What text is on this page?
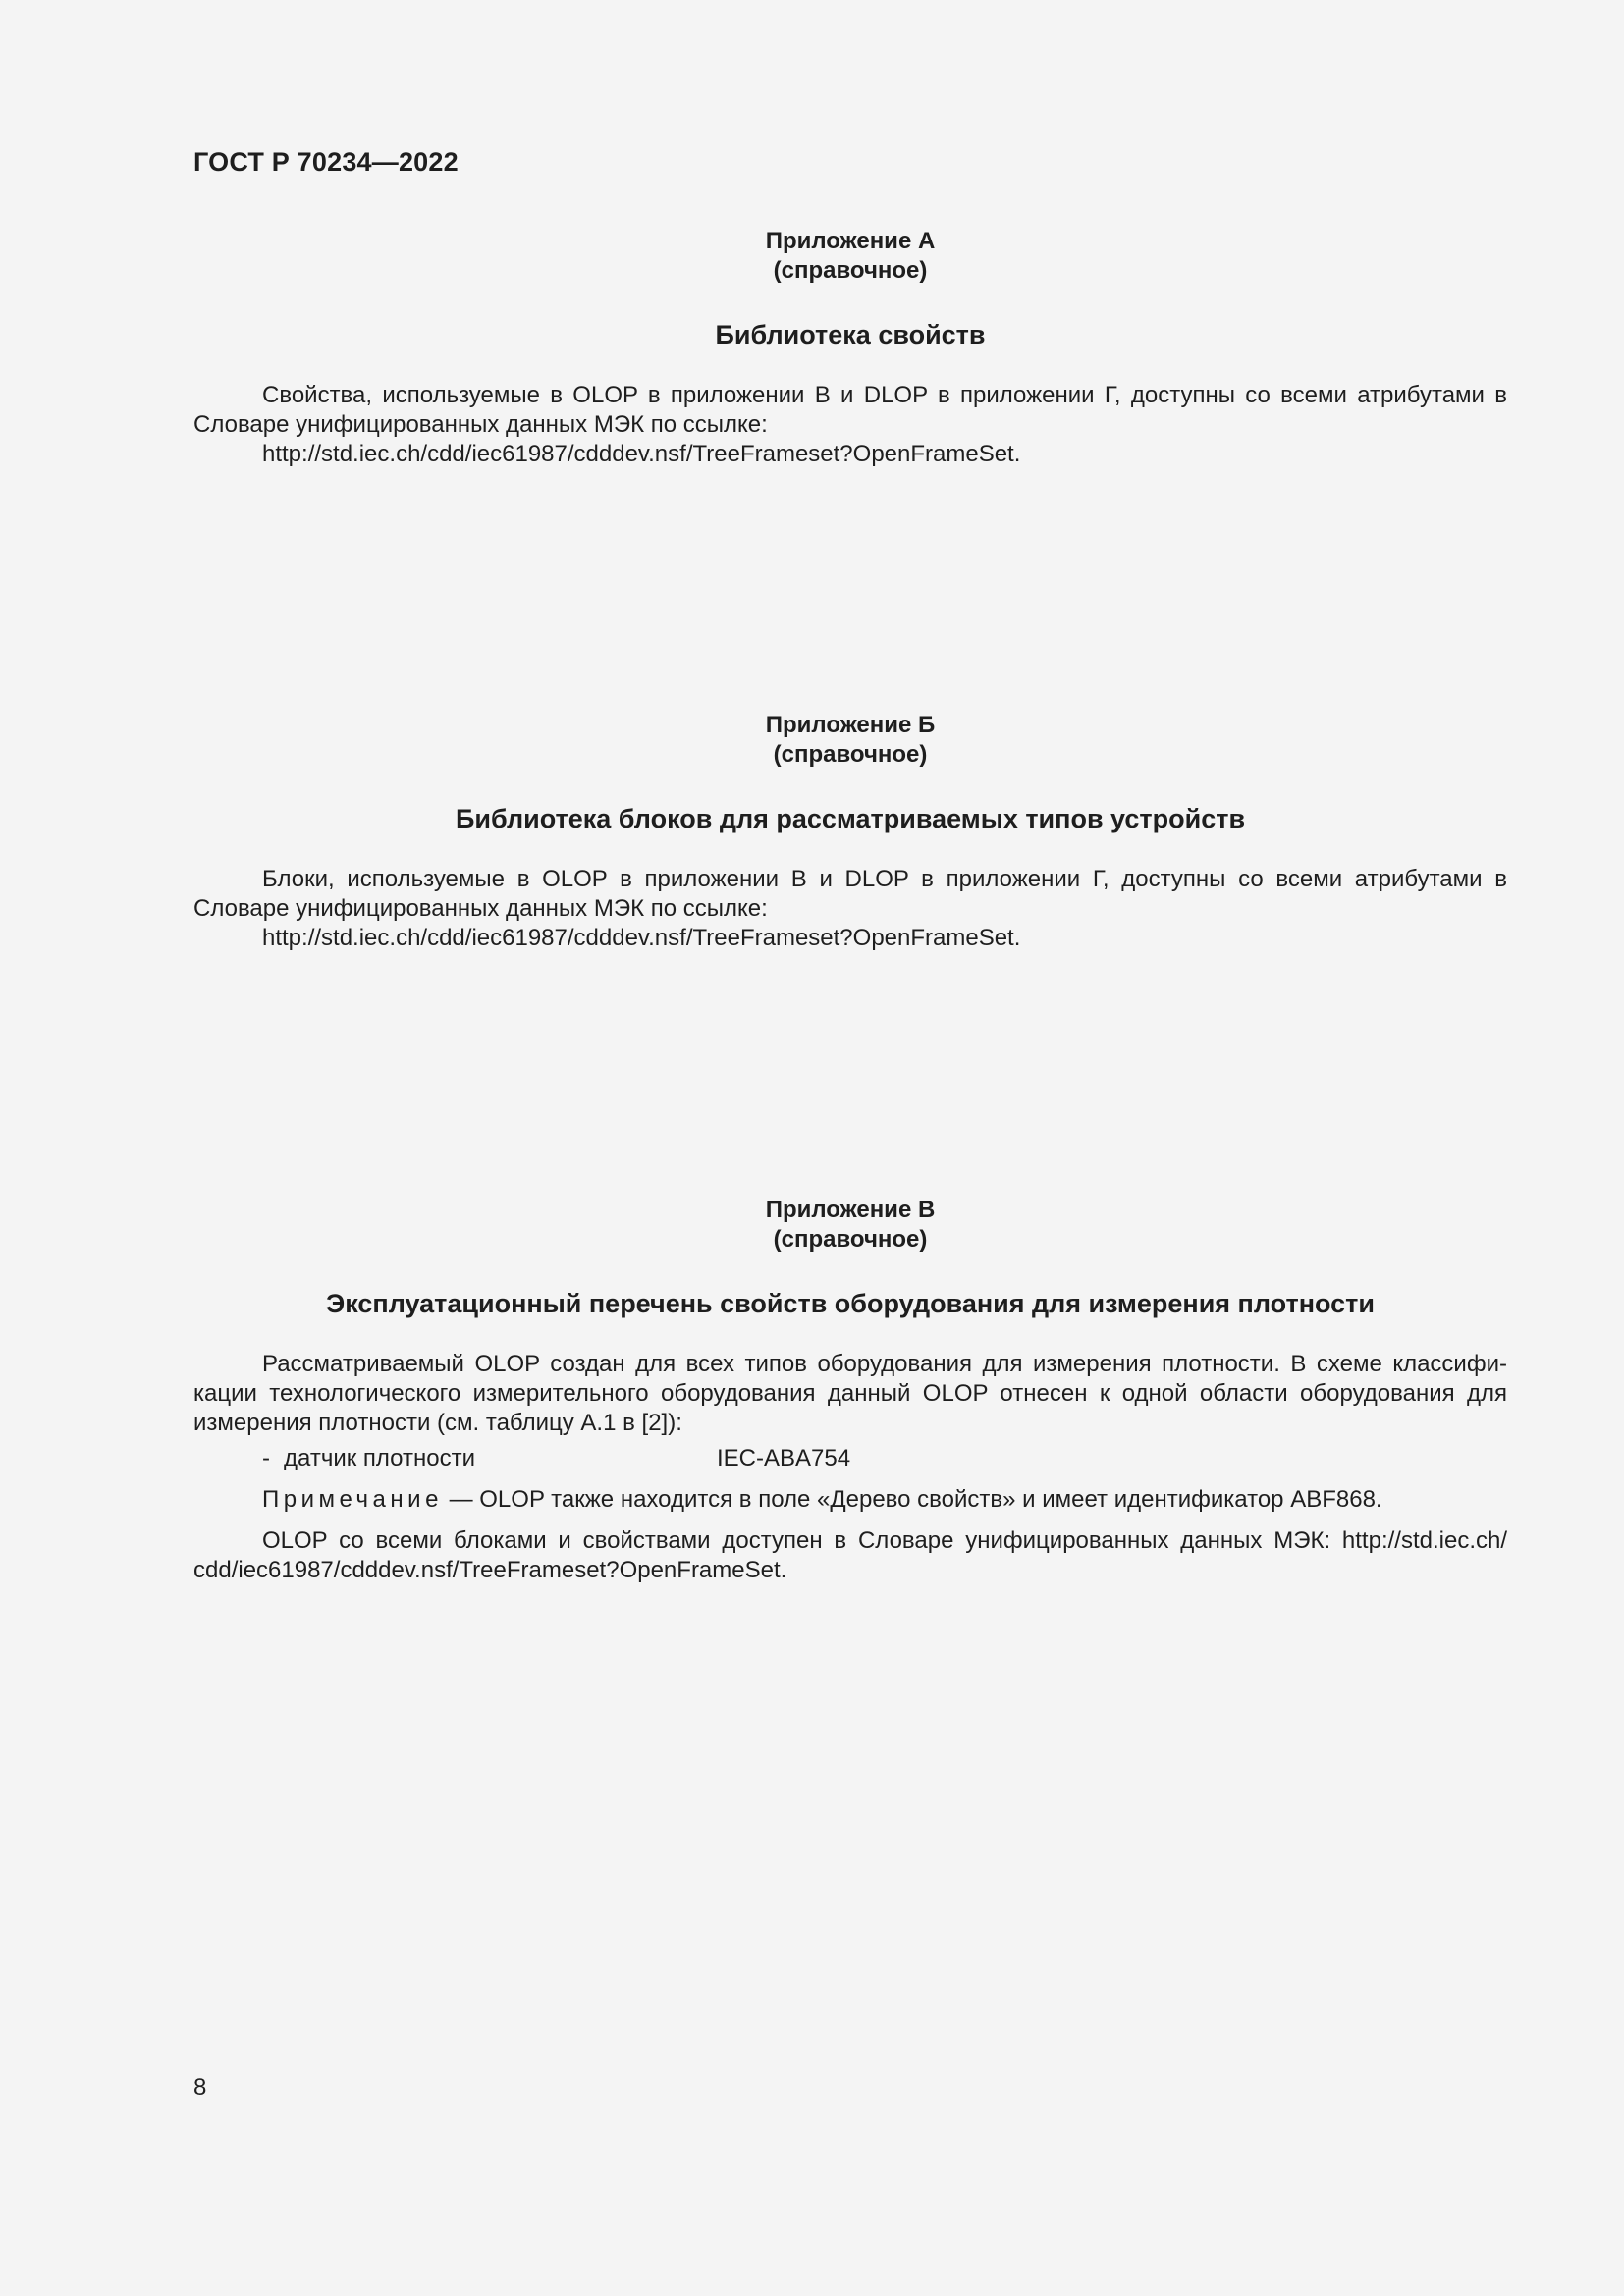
ГОСТ Р 70234—2022

Приложение А

(справочное)

Библиотека свойств

Свойства, используемые в OLOP в приложении В и DLOP в приложении Г, доступны со всеми атрибутами в Словаре унифицированных данных МЭК по ссылке:

http://std.iec.ch/cdd/iec61987/cdddev.nsf/TreeFrameset?OpenFrameSet.

Приложение Б

(справочное)

Библиотека блоков для рассматриваемых типов устройств

Блоки, используемые в OLOP в приложении В и DLOP в приложении Г, доступны со всеми атрибутами в Словаре унифицированных данных МЭК по ссылке:

http://std.iec.ch/cdd/iec61987/cdddev.nsf/TreeFrameset?OpenFrameSet.

Приложение В

(справочное)

Эксплуатационный перечень свойств оборудования для измерения плотности

Рассматриваемый OLOP создан для всех типов оборудования для измерения плотности. В схеме классификации технологического измерительного оборудования данный OLOP отнесен к одной области оборудования для измерения плотности (см. таблицу А.1 в [2]):

- датчик плотности	IEC-ABA754

Примечание — OLOP также находится в поле «Дерево свойств» и имеет идентификатор ABF868.

OLOP со всеми блоками и свойствами доступен в Словаре унифицированных данных МЭК: http://std.iec.ch/​cdd/iec61987/cdddev.nsf/TreeFrameset?OpenFrameSet.

8
